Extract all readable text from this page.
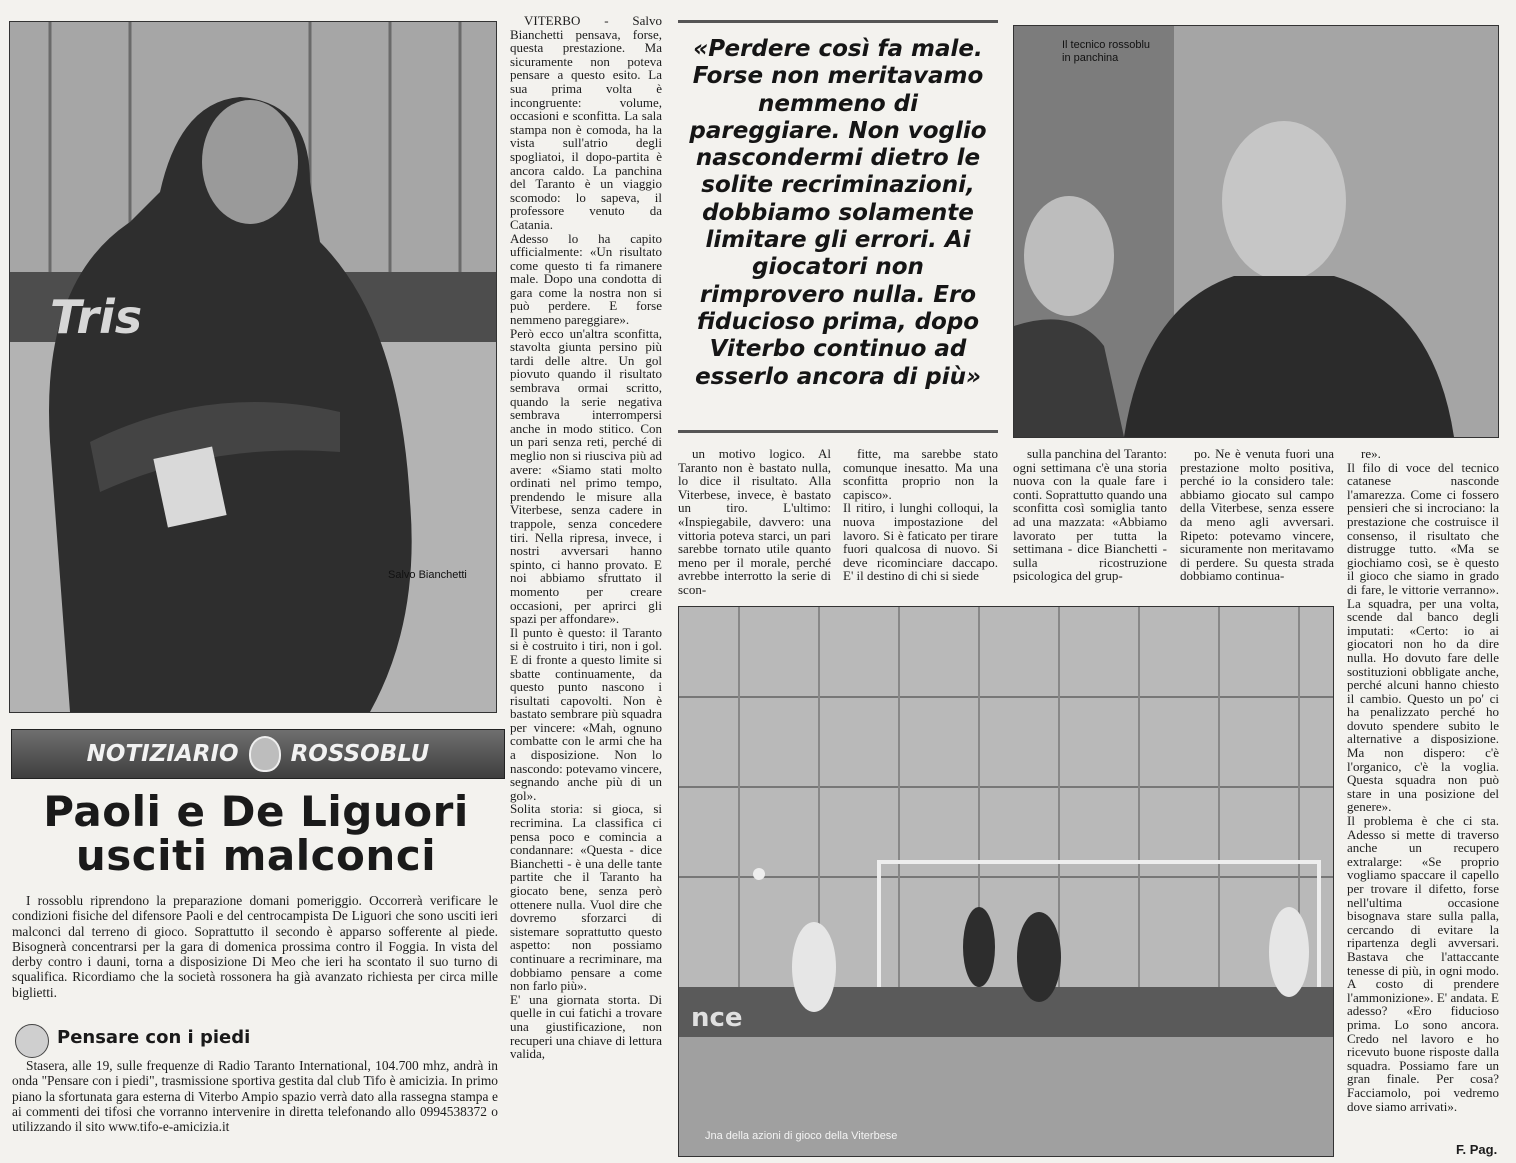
Tris
Salvo Bianchetti
NOTIZIARIO ROSSOBLU
Paoli e De Liguori
usciti malconci

I rossoblu riprendono la preparazione domani pomeriggio. Occorrerà verificare le condizioni fisiche del difensore Paoli e del centrocampista De Liguori che sono usciti ieri malconci dal terreno di gioco. Soprattutto il secondo è apparso sofferente al piede. Bisognerà concentrarsi per la gara di domenica prossima contro il Foggia. In vista del derby contro i dauni, torna a disposizione Di Meo che ieri ha scontato il suo turno di squalifica. Ricordiamo che la società rossonera ha già avanzato richiesta per circa mille biglietti.

Pensare con i piedi

Stasera, alle 19, sulle frequenze di Radio Taranto International, 104.700 mhz, andrà in onda "Pensare con i piedi", trasmissione sportiva gestita dal club Tifo è amicizia. In primo piano la sfortunata gara esterna di Viterbo Ampio spazio verrà dato alla rassegna stampa e ai commenti dei tifosi che vorranno intervenire in diretta telefonando allo 0994538372 o utilizzando il sito www.tifo-e-amicizia.it

VITERBO - Salvo Bianchetti pensava, forse, questa prestazione. Ma sicuramente non poteva pensare a questo esito. La sua prima volta è incongruente: volume, occasioni e sconfitta. La sala stampa non è comoda, ha la vista sull'atrio degli spogliatoi, il dopo-partita è ancora caldo. La panchina del Taranto è un viaggio scomodo: lo sapeva, il professore venuto da Catania.
Adesso lo ha capito ufficialmente: «Un risultato come questo ti fa rimanere male. Dopo una condotta di gara come la nostra non si può perdere. E forse nemmeno pareggiare».
Però ecco un'altra sconfitta, stavolta giunta persino più tardi delle altre. Un gol piovuto quando il risultato sembrava ormai scritto, quando la serie negativa sembrava interrompersi anche in modo stitico. Con un pari senza reti, perché di meglio non si riusciva più ad avere: «Siamo stati molto ordinati nel primo tempo, prendendo le misure alla Viterbese, senza cadere in trappole, senza concedere tiri. Nella ripresa, invece, i nostri avversari hanno spinto, ci hanno provato. E noi abbiamo sfruttato il momento per creare occasioni, per aprirci gli spazi per affondare».
Il punto è questo: il Taranto si è costruito i tiri, non i gol. E di fronte a questo limite si sbatte continuamente, da questo punto nascono i risultati capovolti. Non è bastato sembrare più squadra per vincere: «Mah, ognuno combatte con le armi che ha a disposizione. Non lo nascondo: potevamo vincere, segnando anche più di un gol».
Solita storia: si gioca, si recrimina. La classifica ci pensa poco e comincia a condannare: «Questa - dice Bianchetti - è una delle tante partite che il Taranto ha giocato bene, senza però ottenere nulla. Vuol dire che dovremo sforzarci di sistemare soprattutto questo aspetto: non possiamo continuare a recriminare, ma dobbiamo pensare a come non farlo più».
E' una giornata storta. Di quelle in cui fatichi a trovare una giustificazione, non recuperi una chiave di lettura valida,

«Perdere così fa male. Forse non meritavamo nemmeno di pareggiare. Non voglio nascondermi dietro le solite recriminazioni, dobbiamo solamente limitare gli errori. Ai giocatori non rimprovero nulla. Ero fiducioso prima, dopo Viterbo continuo ad esserlo ancora di più»
Il tecnico rossoblu
in panchina

un motivo logico. Al Taranto non è bastato nulla, lo dice il risultato. Alla Viterbese, invece, è bastato un tiro. L'ultimo: «Inspiegabile, davvero: una vittoria poteva starci, un pari sarebbe tornato utile quanto meno per il morale, perché avrebbe interrotto la serie di scon-

fitte, ma sarebbe stato comunque inesatto. Ma una sconfitta proprio non la capisco».
Il ritiro, i lunghi colloqui, la nuova impostazione del lavoro. Si è faticato per tirare fuori qualcosa di nuovo. Si deve ricominciare daccapo. E' il destino di chi si siede

sulla panchina del Taranto: ogni settimana c'è una storia nuova con la quale fare i conti. Soprattutto quando una sconfitta così somiglia tanto ad una mazzata: «Abbiamo lavorato per tutta la settimana - dice Bianchetti - sulla ricostruzione psicologica del grup-

po. Ne è venuta fuori una prestazione molto positiva, perché io la considero tale: abbiamo giocato sul campo della Viterbese, senza essere da meno agli avversari. Ripeto: potevamo vincere, sicuramente non meritavamo di perdere. Su questa strada dobbiamo continua-

nce
Jna della azioni di gioco della Viterbese

re».
Il filo di voce del tecnico catanese nasconde l'amarezza. Come ci fossero pensieri che si incrociano: la prestazione che costruisce il consenso, il risultato che distrugge tutto. «Ma se giochiamo così, se è questo il gioco che siamo in grado di fare, le vittorie verranno». La squadra, per una volta, scende dal banco degli imputati: «Certo: io ai giocatori non ho da dire nulla. Ho dovuto fare delle sostituzioni obbligate anche, perché alcuni hanno chiesto il cambio. Questo un po' ci ha penalizzato perché ho dovuto spendere subito le alternative a disposizione. Ma non dispero: c'è l'organico, c'è la voglia. Questa squadra non può stare in una posizione del genere».
Il problema è che ci sta. Adesso si mette di traverso anche un recupero extralarge: «Se proprio vogliamo spaccare il capello per trovare il difetto, forse nell'ultima occasione bisognava stare sulla palla, cercando di evitare la ripartenza degli avversari. Bastava che l'attaccante tenesse di più, in ogni modo. A costo di prendere l'ammonizione». E' andata. E adesso? «Ero fiducioso prima. Lo sono ancora. Credo nel lavoro e ho ricevuto buone risposte dalla squadra. Possiamo fare un gran finale. Per cosa? Facciamolo, poi vedremo dove siamo arrivati».

F. Pag.
